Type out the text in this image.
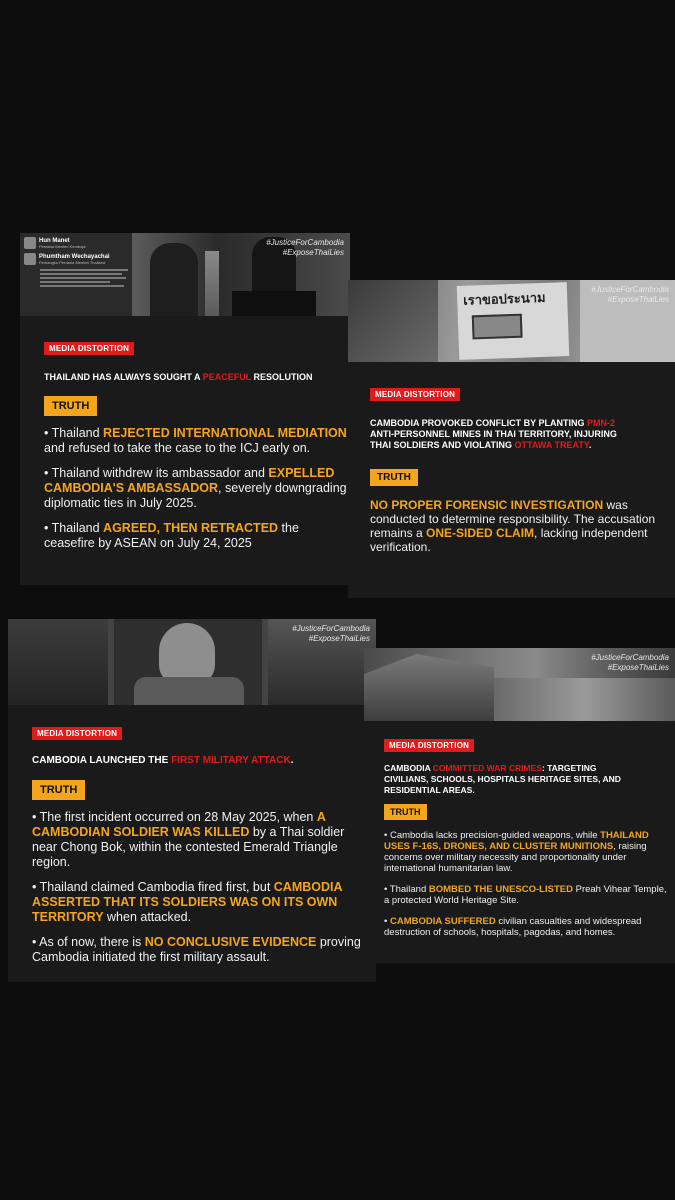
Hun Manet
Perdana Menteri Kemboja
Phumtham Wechayachai
Pemangku Perdana Menteri Thailand
#JusticeForCambodia
#ExposeThaiLies
MEDIA DISTORTION
THAILAND HAS ALWAYS SOUGHT A PEACEFUL RESOLUTION
TRUTH

• Thailand REJECTED INTERNATIONAL MEDIATION and refused to take the case to the ICJ early on.

• Thailand withdrew its ambassador and EXPELLED CAMBODIA'S AMBASSADOR, severely downgrading diplomatic ties in July 2025.

• Thailand AGREED, THEN RETRACTED the ceasefire by ASEAN on July 24, 2025

เราขอประนาม
#JusticeForCambodia
#ExposeThaiLies
MEDIA DISTORTION
CAMBODIA PROVOKED CONFLICT BY PLANTING PMN-2 ANTI-PERSONNEL MINES IN THAI TERRITORY, INJURING THAI SOLDIERS AND VIOLATING OTTAWA TREATY.
TRUTH
NO PROPER FORENSIC INVESTIGATION was conducted to determine responsibility. The accusation remains a ONE-SIDED CLAIM, lacking independent verification.
#JusticeForCambodia
#ExposeThaiLies
MEDIA DISTORTION
CAMBODIA LAUNCHED THE FIRST MILITARY ATTACK.
TRUTH

• The first incident occurred on 28 May 2025, when A CAMBODIAN SOLDIER WAS KILLED by a Thai soldier near Chong Bok, within the contested Emerald Triangle region.

• Thailand claimed Cambodia fired first, but CAMBODIA ASSERTED THAT ITS SOLDIERS WAS ON ITS OWN TERRITORY when attacked.

• As of now, there is NO CONCLUSIVE EVIDENCE proving Cambodia initiated the first military assault.

#JusticeForCambodia
#ExposeThaiLies
MEDIA DISTORTION
CAMBODIA COMMITTED WAR CRIMES: TARGETING CIVILIANS, SCHOOLS, HOSPITALS HERITAGE SITES, AND RESIDENTIAL AREAS.
TRUTH

• Cambodia lacks precision-guided weapons, while THAILAND USES F-16S, DRONES, AND CLUSTER MUNITIONS, raising concerns over military necessity and proportionality under international humanitarian law.

• Thailand BOMBED THE UNESCO-LISTED Preah Vihear Temple, a protected World Heritage Site.

• CAMBODIA SUFFERED civilian casualties and widespread destruction of schools, hospitals, pagodas, and homes.
